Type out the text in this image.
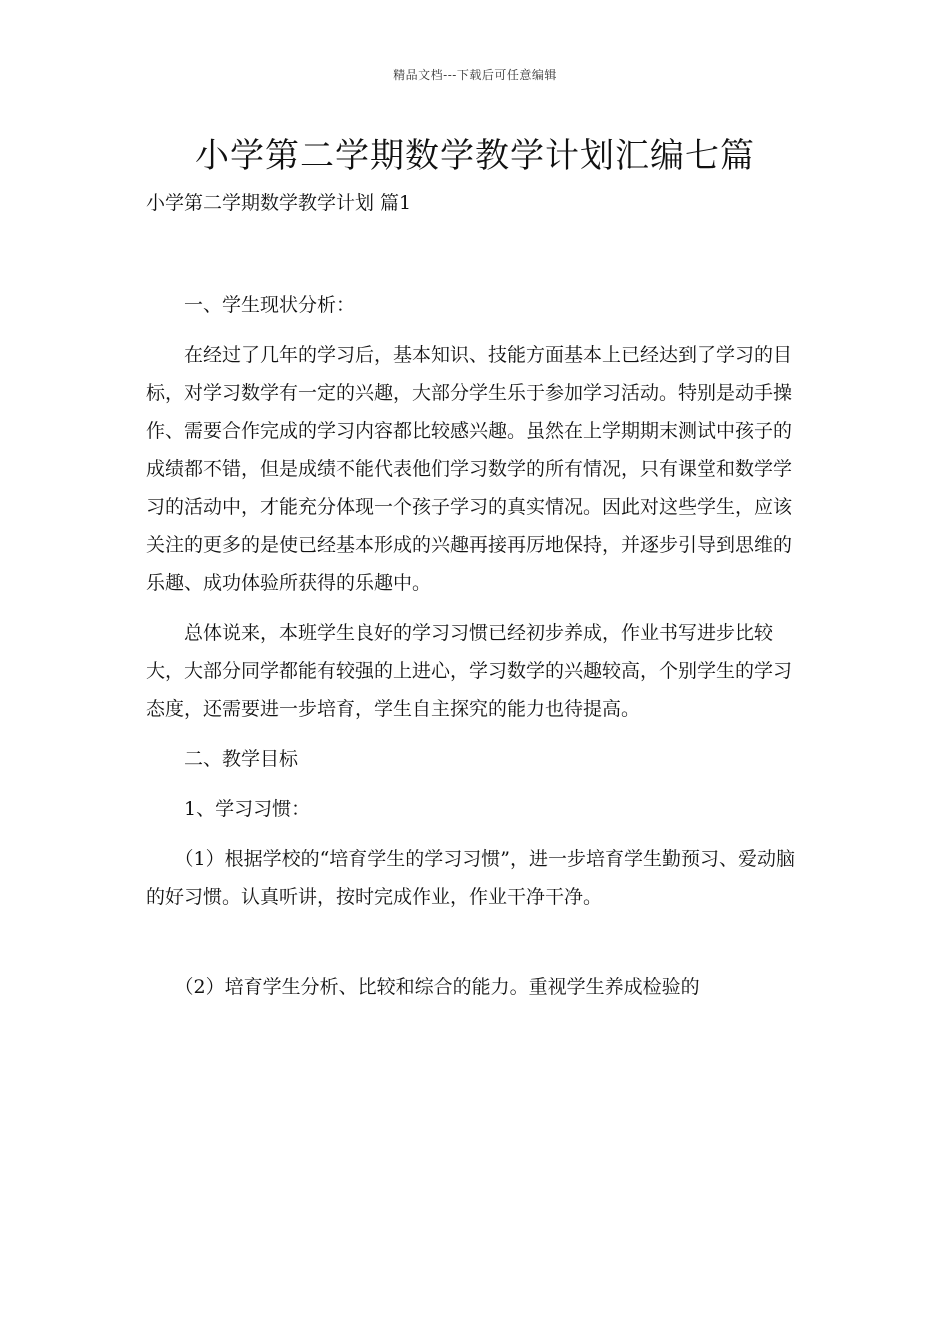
精品文档---下载后可任意编辑
小学第二学期数学教学计划汇编七篇
小学第二学期数学教学计划 篇1

一、学生现状分析：

在经过了几年的学习后，基本知识、技能方面基本上已经达到了学习的目标，对学习数学有一定的兴趣，大部分学生乐于参加学习活动。特别是动手操作、需要合作完成的学习内容都比较感兴趣。虽然在上学期期末测试中孩子的成绩都不错，但是成绩不能代表他们学习数学的所有情况，只有课堂和数学学习的活动中，才能充分体现一个孩子学习的真实情况。因此对这些学生，应该关注的更多的是使已经基本形成的兴趣再接再厉地保持，并逐步引导到思维的乐趣、成功体验所获得的乐趣中。

总体说来，本班学生良好的学习习惯已经初步养成，作业书写进步比较大，大部分同学都能有较强的上进心，学习数学的兴趣较高，个别学生的学习态度，还需要进一步培育，学生自主探究的能力也待提高。

二、教学目标

1、学习习惯：

（1）根据学校的“培育学生的学习习惯”，进一步培育学生勤预习、爱动脑的好习惯。认真听讲，按时完成作业，作业干净干净。

（2）培育学生分析、比较和综合的能力。重视学生养成检验的
